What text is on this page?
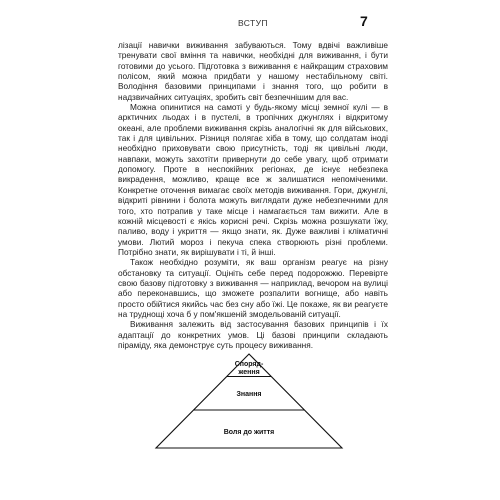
ВСТУП	7

лізації навички виживання забуваються. Тому вдвічі важливіше тренувати свої вміння та навички, необхідні для виживання, і бути готовими до усього. Підготовка з виживання є найкращим страховим полісом, який можна придбати у нашому нестабільному світі. Володіння базовими принципами і знання того, що робити в надзвичайних ситуаціях, зробить світ безпечнішим для вас.

Можна опинитися на самоті у будь-якому місці земної кулі — в арктичних льодах і в пустелі, в тропічних джунглях і відкритому океані, але проблеми виживання скрізь аналогічні як для військових, так і для цивільних. Різниця полягає хіба в тому, що солдатам іноді необхідно приховувати свою присутність, тоді як цивільні люди, навпаки, можуть захотіти привернути до себе увагу, щоб отримати допомогу. Проте в неспокійних регіонах, де існує небезпека викрадення, можливо, краще все ж залишатися непоміченими. Конкретне оточення вимагає своїх методів виживання. Гори, джунглі, відкриті рівнини і болота можуть виглядати дуже небезпечними для того, хто потрапив у таке місце і намагається там вижити. Але в кожній місцевості є якісь корисні речі. Скрізь можна розшукати їжу, паливо, воду і укриття — якщо знати, як. Дуже важливі і кліматичні умови. Лютий мороз і пекуча спека створюють різні проблеми. Потрібно знати, як вирішувати і ті, й інші.

Також необхідно розуміти, як ваш організм реагує на різну обстановку та ситуації. Оцініть себе перед подорожжю. Перевірте свою базову підготовку з виживання — наприклад, вечором на вулиці або переконавшись, що зможете розпалити вогнище, або навіть просто обійтися якийсь час без сну або їжі. Це покаже, як ви реагуєте на труднощі хоча б у пом'якшеній змодельованій ситуації.

Виживання залежить від застосування базових принципів і їх адаптації до конкретних умов. Ці базові принципи складають піраміду, яка демонструє суть процесу виживання.

Споряд-
ження
Знання
Воля до життя
